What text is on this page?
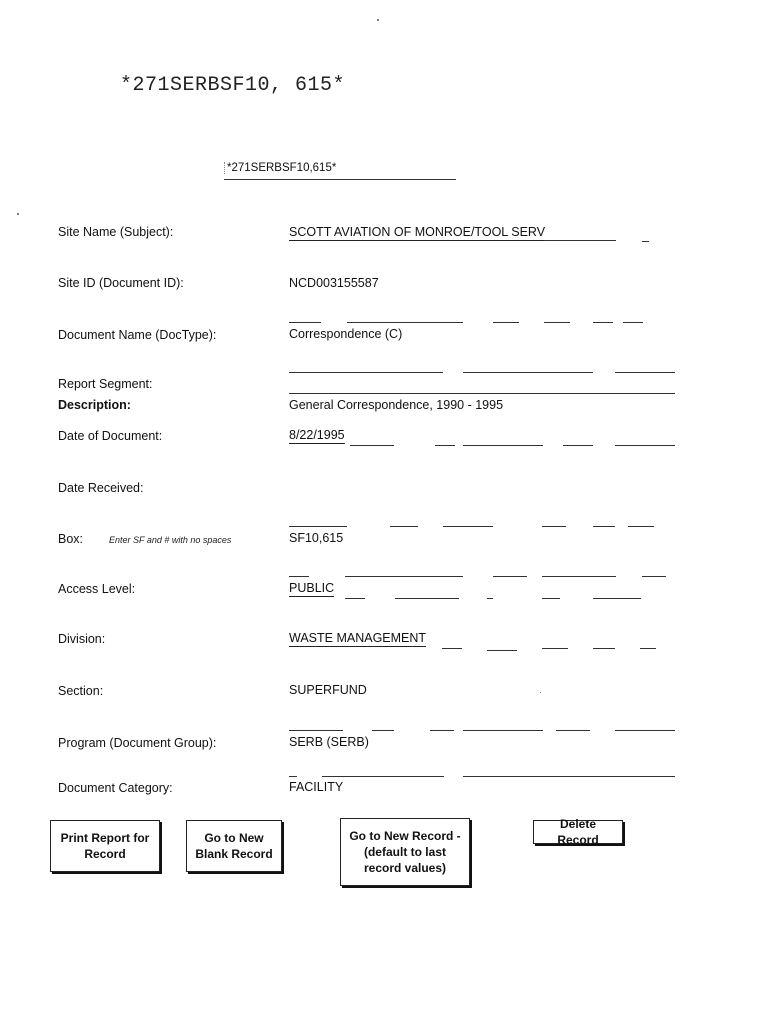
*271SERBSF10, 615*
*271SERBSF10,615*
Site Name (Subject):	SCOTT AVIATION OF MONROE/TOOL SERV
Site ID (Document ID):	NCD003155587
Document Name (DocType):	Correspondence (C)
Report Segment:
Description:	General Correspondence, 1990 - 1995
Date of Document:	8/22/1995
Date Received:
Box:	Enter SF and # with no spaces	SF10,615
Access Level:	PUBLIC
Division:	WASTE MANAGEMENT
Section:	SUPERFUND
Program (Document Group):	SERB (SERB)
Document Category:	FACILITY
Print Report for
Record
Go to New
Blank Record
Go to New Record -
(default to last
record values)
Delete Record
